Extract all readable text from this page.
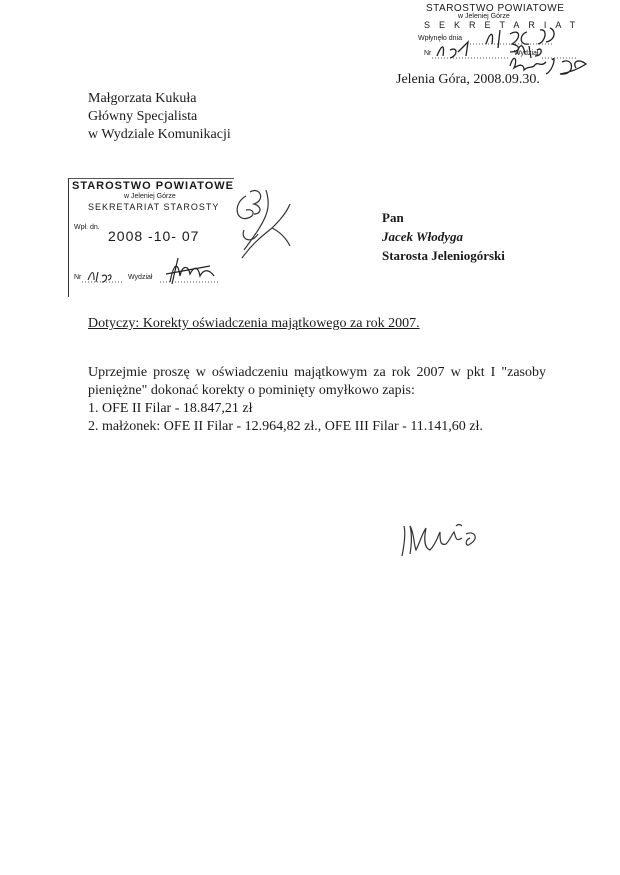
STAROSTWO POWIATOWE
w Jeleniej Górze
SEKRETARIAT
Wpłynęło dnia
Nr	Wydział
Jelenia Góra, 2008.09.30.
Małgorzata Kukuła
Główny Specjalista
w Wydziale Komunikacji
STAROSTWO POWIATOWE
w Jeleniej Górze
SEKRETARIAT STAROSTY
Wpł. dn.
2008 -10- 07
Nr	Wydział
Pan
Jacek Włodyga
Starosta Jeleniogórski
Dotyczy: Korekty oświadczenia majątkowego za rok 2007.
Uprzejmie proszę w oświadczeniu majątkowym za rok 2007 w pkt I "zasoby pieniężne" dokonać korekty o pominięty omyłkowo zapis:
1. OFE II Filar - 18.847,21 zł
2. małżonek: OFE II Filar - 12.964,82 zł., OFE III Filar - 11.141,60 zł.
